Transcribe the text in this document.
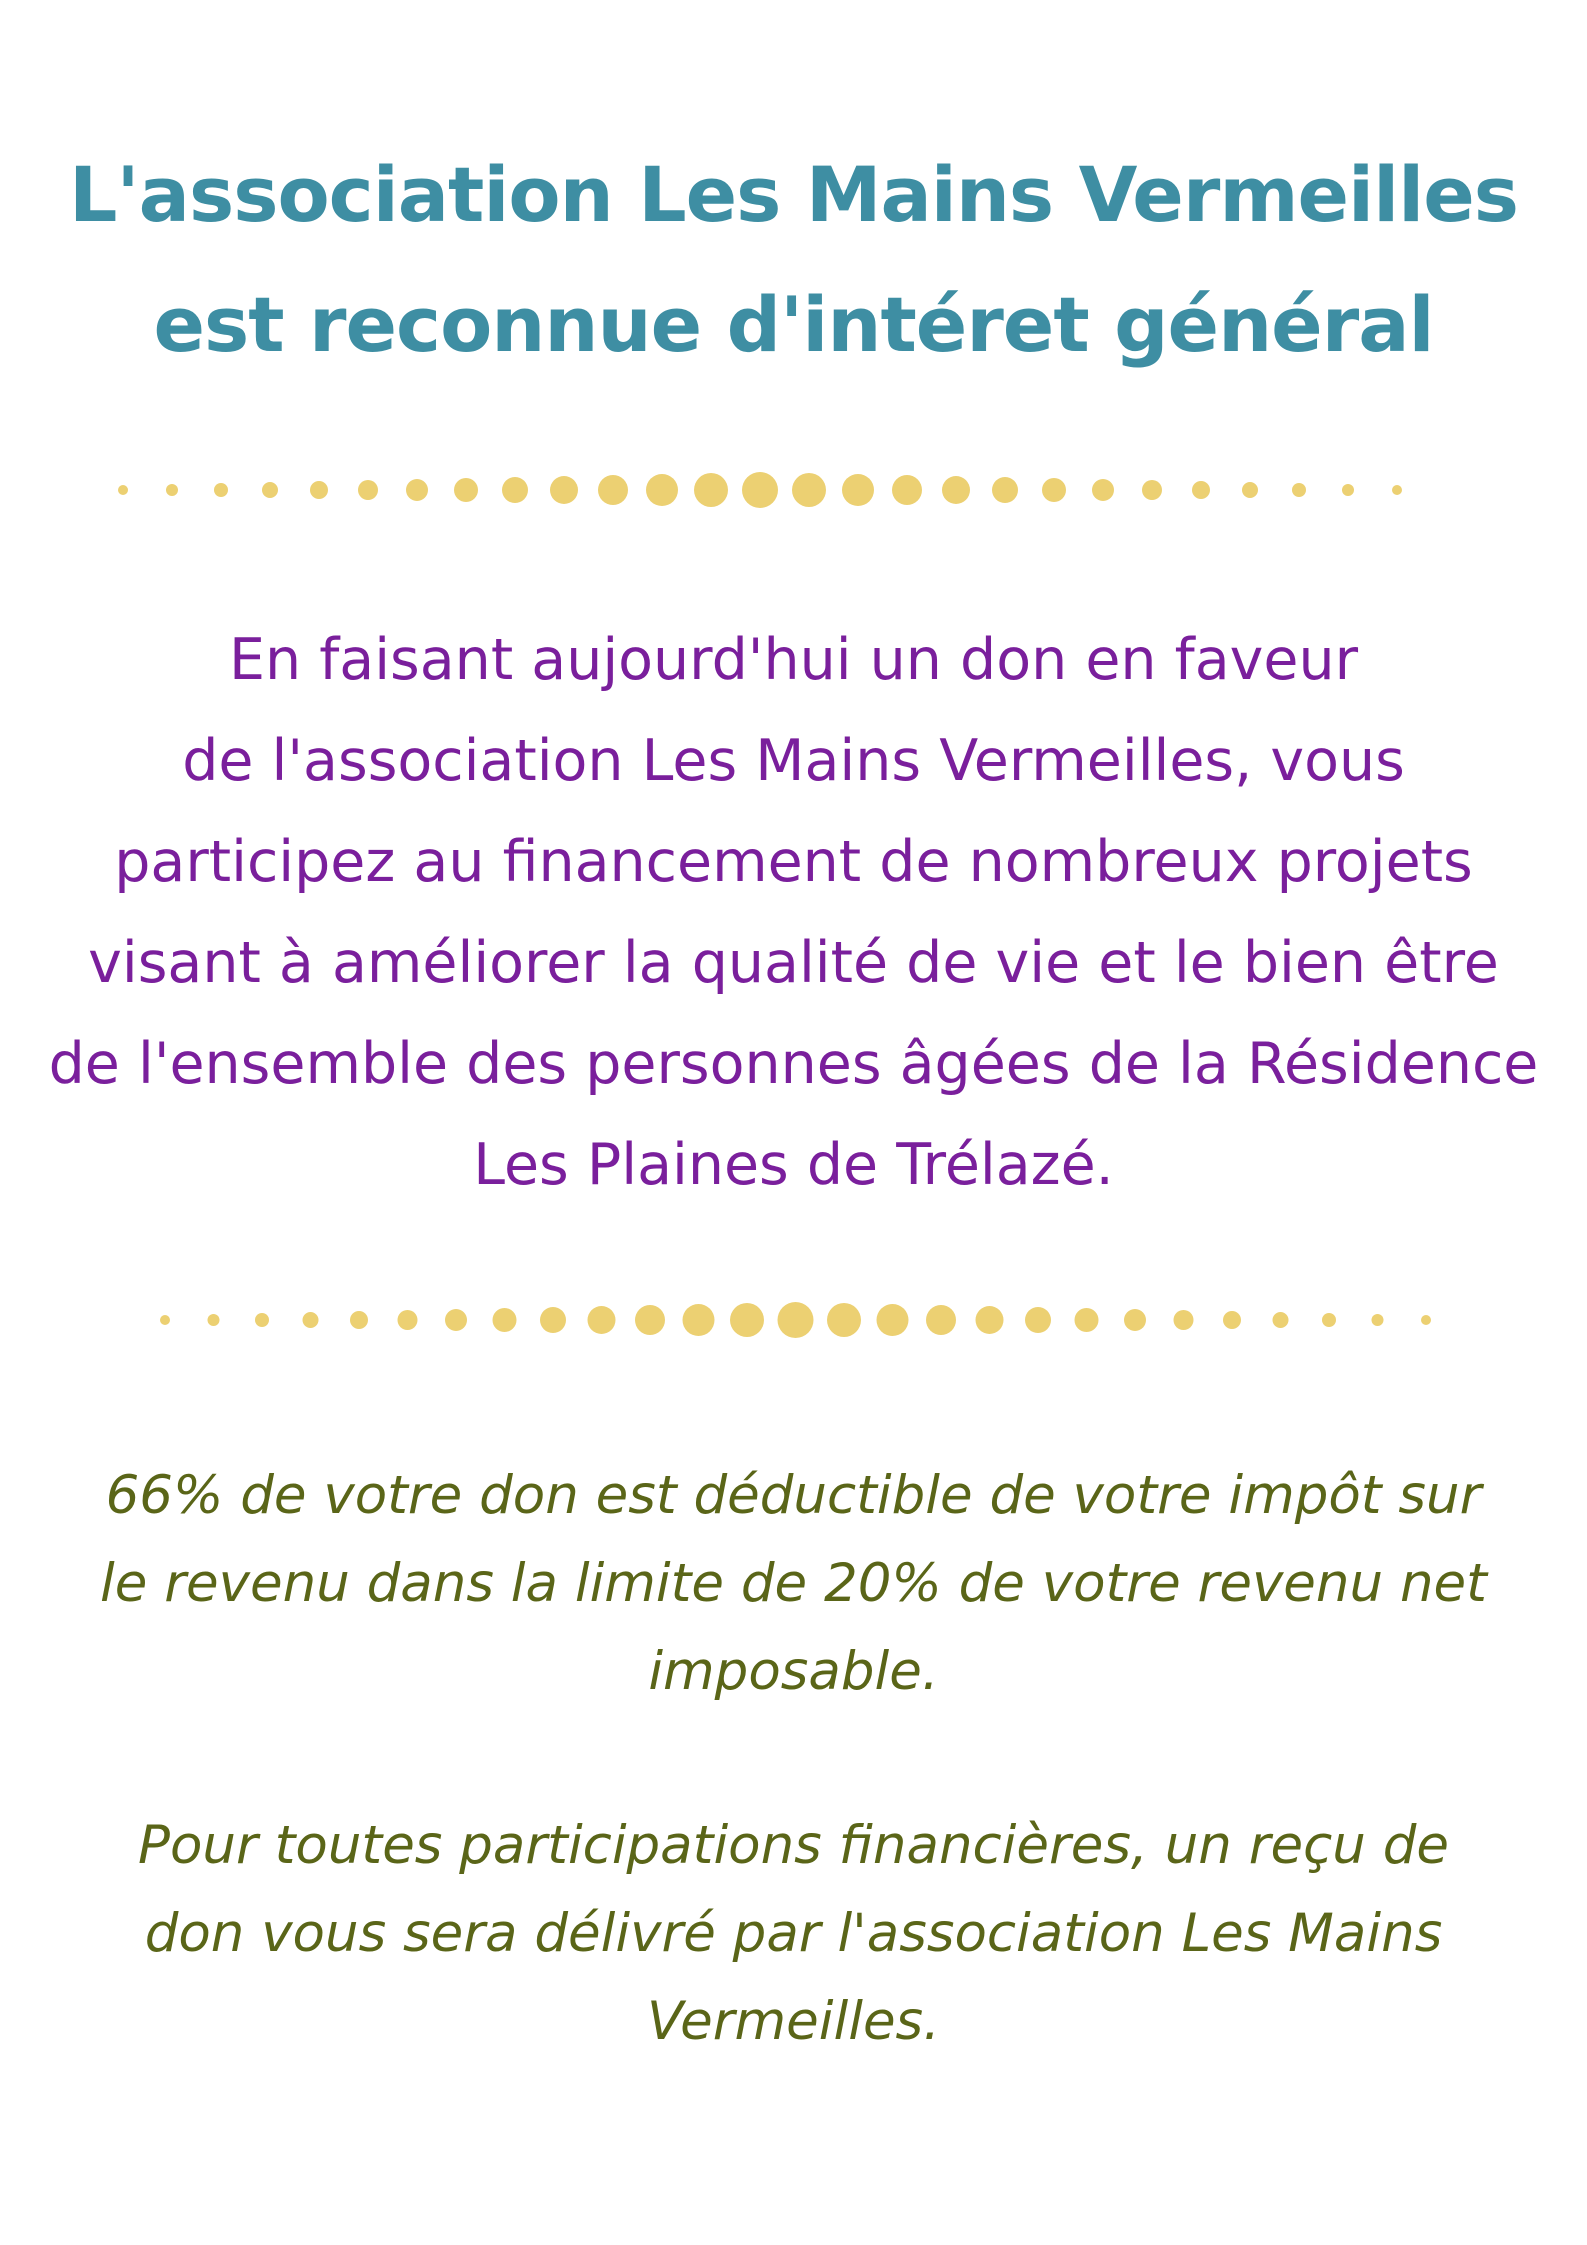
L'association Les Mains Vermeilles
est reconnue d'intéret général
En faisant aujourd'hui un don en faveur
de l'association Les Mains Vermeilles, vous
participez au financement de nombreux projets
visant à améliorer la qualité de vie et le bien être
de l'ensemble des personnes âgées de la Résidence
Les Plaines de Trélazé.
66% de votre don est déductible de votre impôt sur
le revenu dans la limite de 20% de votre revenu net
imposable.
Pour toutes participations financières, un reçu de
don vous sera délivré par l'association Les Mains
Vermeilles.
